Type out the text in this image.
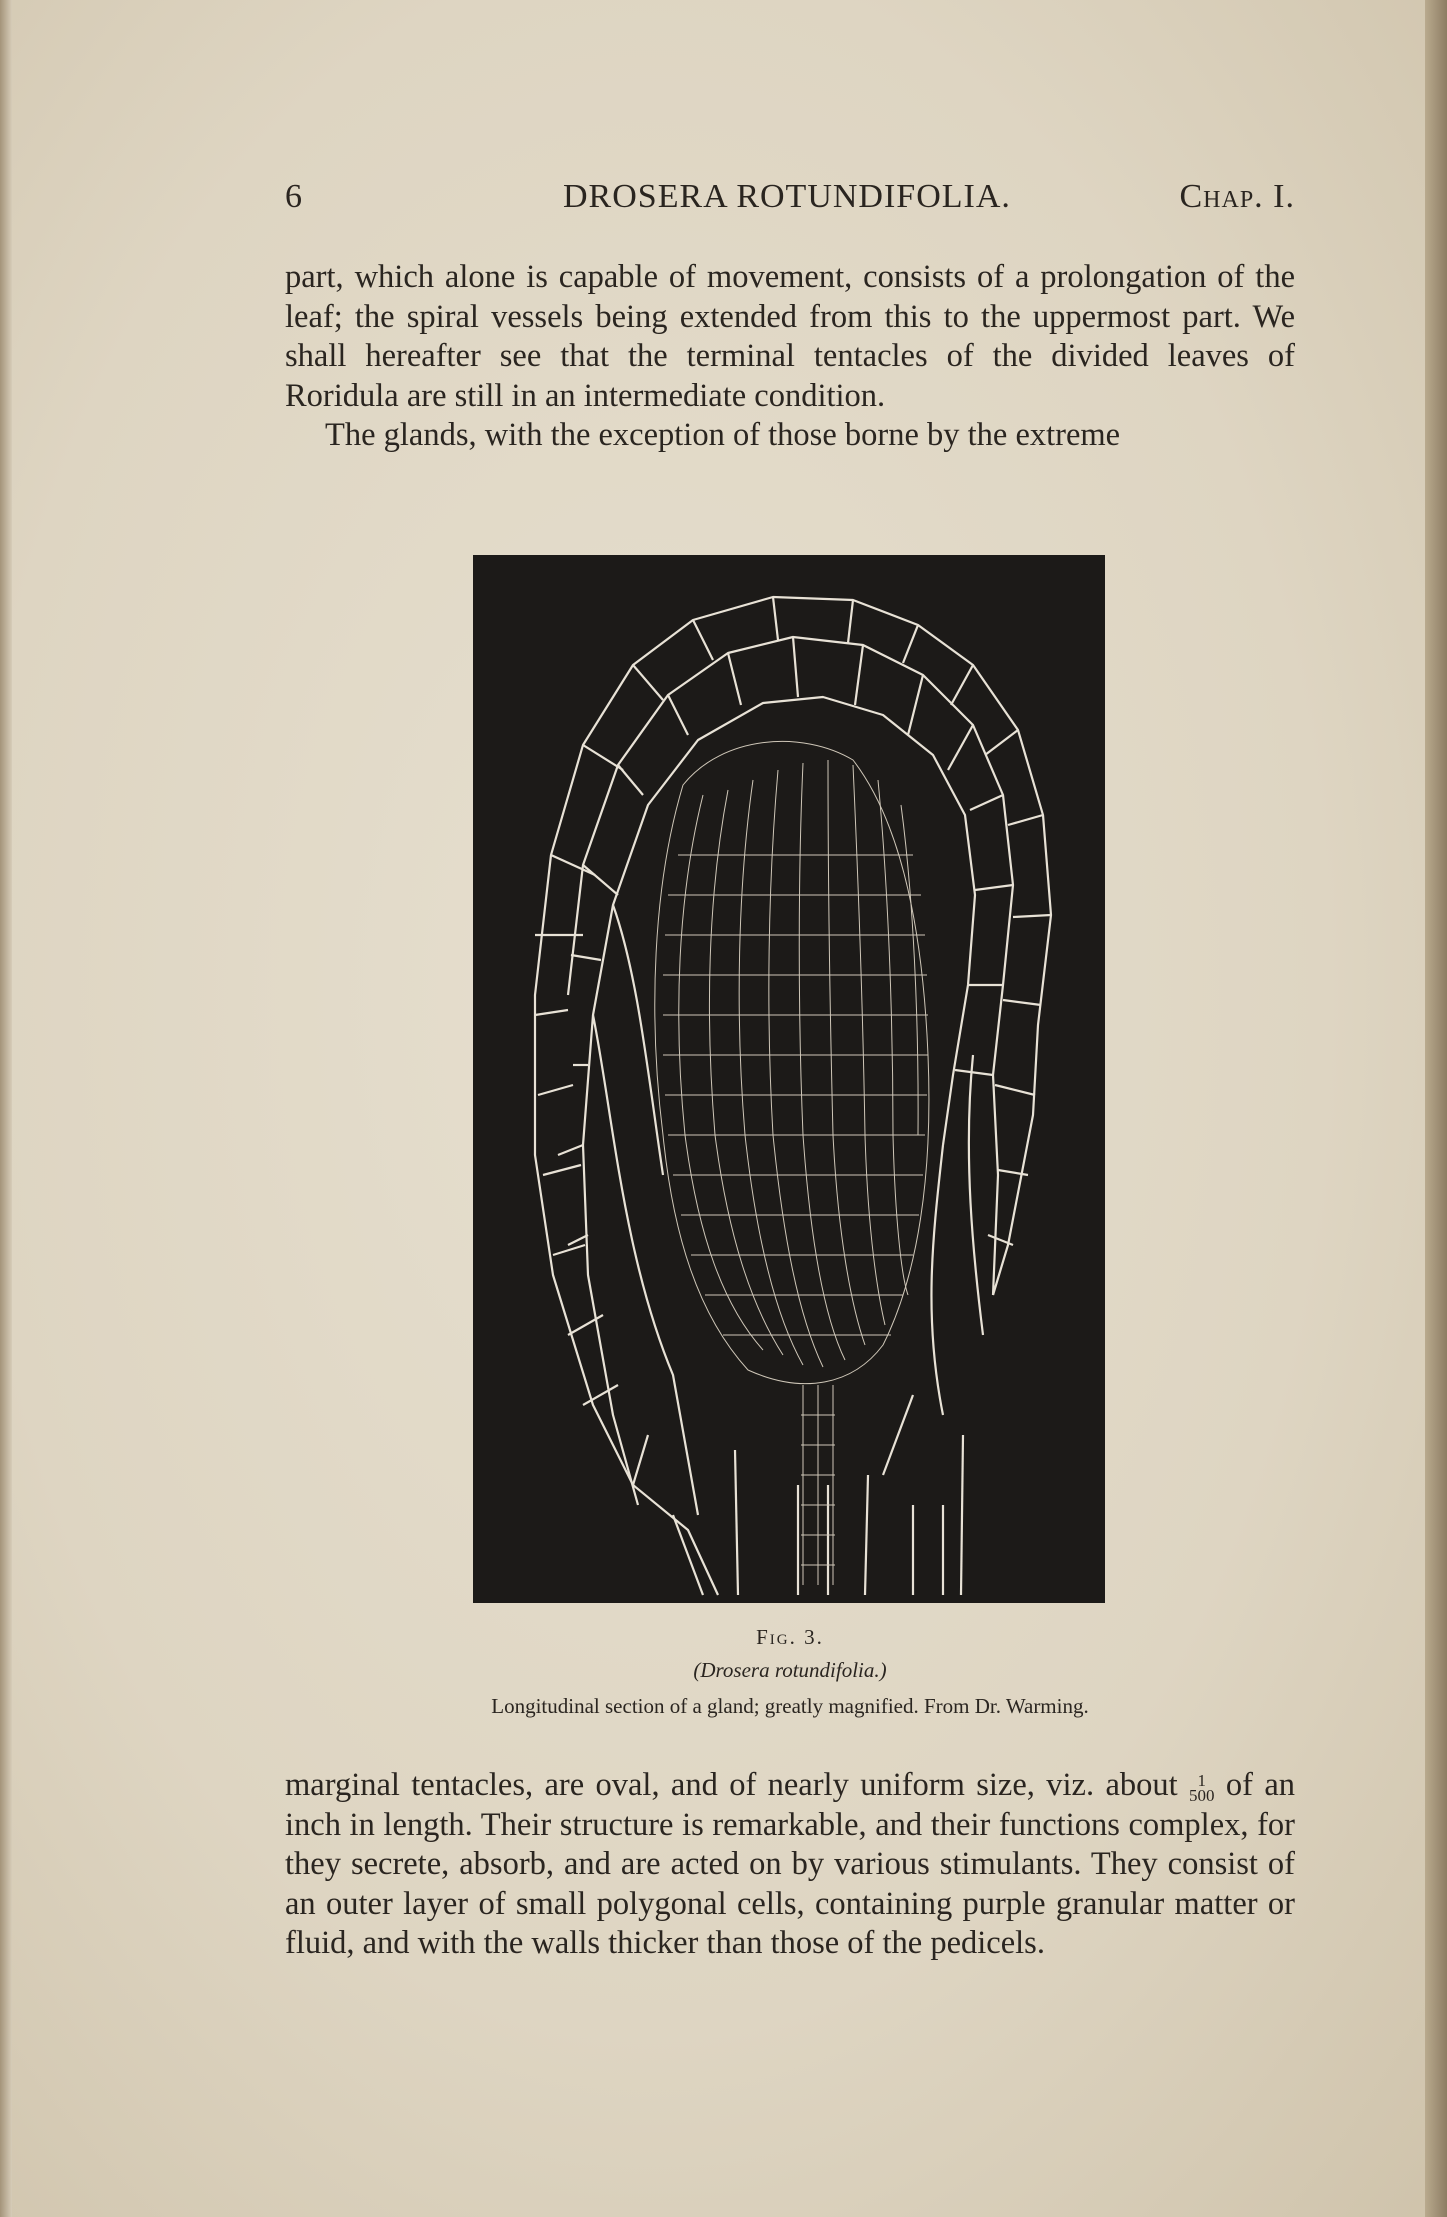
6	DROSERA ROTUNDIFOLIA.	Chap. I.

part, which alone is capable of movement, consists of a prolongation of the leaf; the spiral vessels being extended from this to the uppermost part. We shall hereafter see that the terminal tentacles of the divided leaves of Roridula are still in an intermediate condition.

The glands, with the exception of those borne by the extreme

Fig. 3.
(Drosera rotundifolia.)
Longitudinal section of a gland; greatly magnified. From Dr. Warming.

marginal tentacles, are oval, and of nearly uniform size, viz. about	1
500 of an inch in length. Their structure is remarkable, and their functions complex, for they secrete, absorb, and are acted on by various stimulants. They consist of an outer layer of small polygonal cells, containing purple granular matter or fluid, and with the walls thicker than those of the pedicels.
